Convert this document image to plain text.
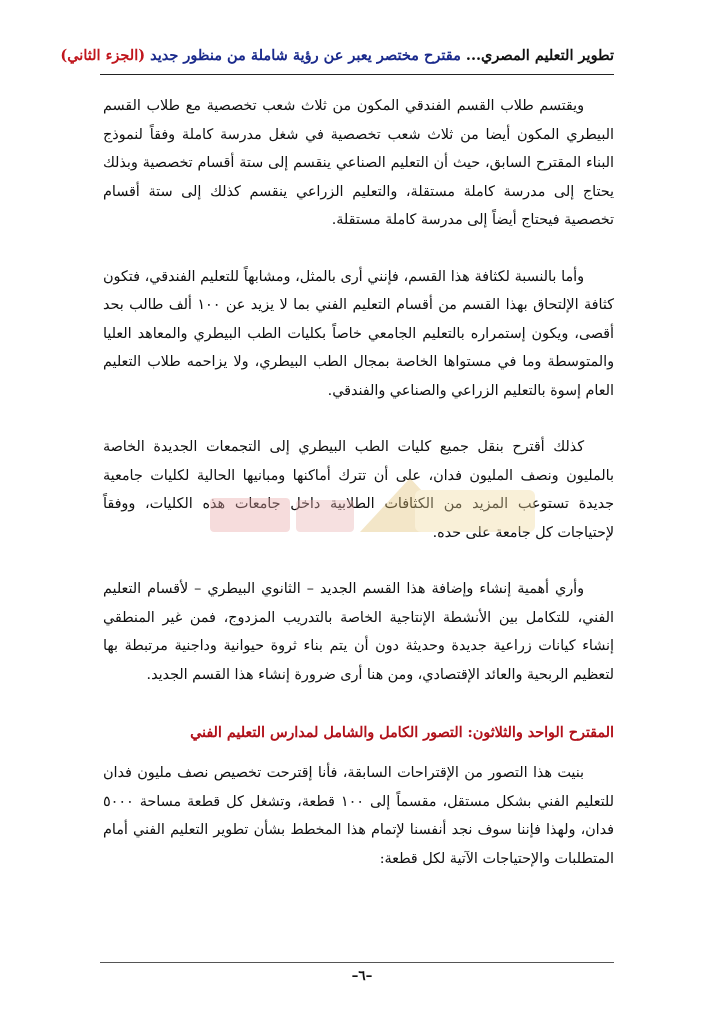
تطوير التعليم المصري... مقترح مختصر يعبر عن رؤية شاملة من منظور جديد (الجزء الثاني)

ويقتسم طلاب القسم الفندقي المكون من ثلاث شعب تخصصية مع طلاب القسم البيطري المكون أيضا من ثلاث شعب تخصصية في شغل مدرسة كاملة وفقاً لنموذج البناء المقترح السابق، حيث أن التعليم الصناعي ينقسم إلى ستة أقسام تخصصية وبذلك يحتاج إلى مدرسة كاملة مستقلة، والتعليم الزراعي ينقسم كذلك إلى ستة أقسام تخصصية فيحتاج أيضاً إلى مدرسة كاملة مستقلة.

وأما بالنسبة لكثافة هذا القسم، فإنني أرى بالمثل، ومشابهاً للتعليم الفندقي، فتكون كثافة الإلتحاق بهذا القسم من أقسام التعليم الفني بما لا يزيد عن ١٠٠ ألف طالب بحد أقصى، ويكون إستمراره بالتعليم الجامعي خاصاً بكليات الطب البيطري والمعاهد العليا والمتوسطة وما في مستواها الخاصة بمجال الطب البيطري، ولا يزاحمه طلاب التعليم العام إسوة بالتعليم الزراعي والصناعي والفندقي.

كذلك أقترح بنقل جميع كليات الطب البيطري إلى التجمعات الجديدة الخاصة بالمليون ونصف المليون فدان، على أن تترك أماكنها ومبانيها الحالية لكليات جامعية جديدة تستوعب المزيد من الكثافات الطلابية داخل جامعات هذه الكليات، ووفقاً لإحتياجات كل جامعة على حده.

وأري أهمية إنشاء وإضافة هذا القسم الجديد – الثانوي البيطري – لأقسام التعليم الفني، للتكامل بين الأنشطة الإنتاجية الخاصة بالتدريب المزدوج، فمن غير المنطقي إنشاء كيانات زراعية جديدة وحديثة دون أن يتم بناء ثروة حيوانية وداجنية مرتبطة بها لتعظيم الربحية والعائد الإقتصادي، ومن هنا أرى ضرورة إنشاء هذا القسم الجديد.

المقترح الواحد والثلاثون: التصور الكامل والشامل لمدارس التعليم الفني

بنيت هذا التصور من الإقتراحات السابقة، فأنا إقترحت تخصيص نصف مليون فدان للتعليم الفني بشكل مستقل، مقسماً إلى ١٠٠ قطعة، وتشغل كل قطعة مساحة ٥٠٠٠ فدان، ولهذا فإننا سوف نجد أنفسنا لإتمام هذا المخطط بشأن تطوير التعليم الفني أمام المتطلبات والإحتياجات الآتية لكل قطعة:

–٦–
